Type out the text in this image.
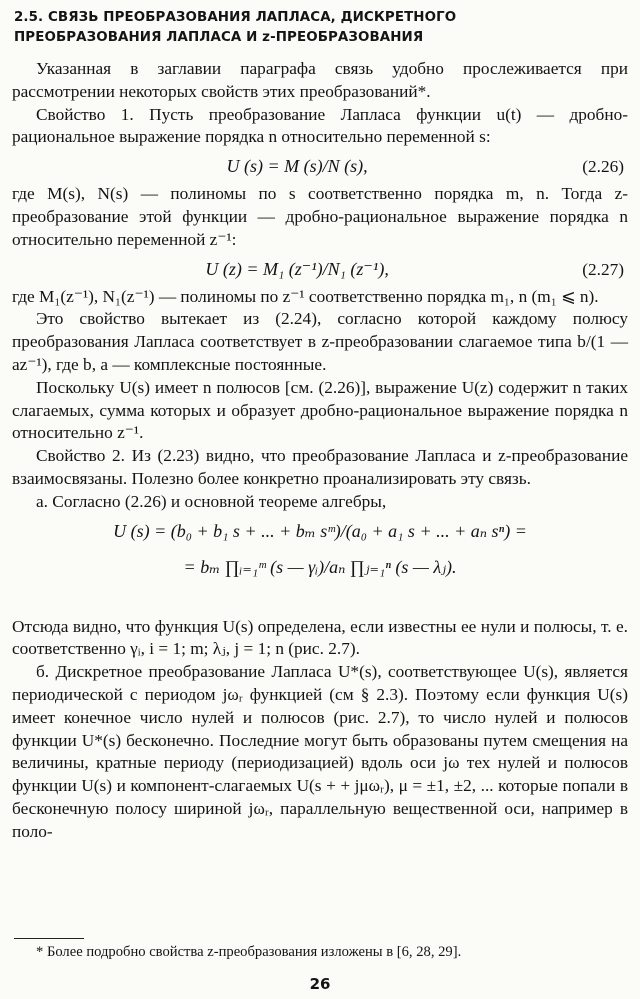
2.5. СВЯЗЬ ПРЕОБРАЗОВАНИЯ ЛАПЛАСА, ДИСКРЕТНОГО
ПРЕОБРАЗОВАНИЯ ЛАПЛАСА И z-ПРЕОБРАЗОВАНИЯ

Указанная в заглавии параграфа связь удобно прослеживается при рассмотрении некоторых свойств этих преобразований*.

Свойство 1. Пусть преобразование Лапласа функции u(t) — дробно-рациональное выражение порядка n относительно переменной s:

U (s) = M (s)/N (s),	(2.26)

где M(s), N(s) — полиномы по s соответственно порядка m, n. Тогда z-преобразование этой функции — дробно-рациональное выражение порядка n относительно переменной z⁻¹:

U (z) = M₁ (z⁻¹)/N₁ (z⁻¹),	(2.27)

где M₁(z⁻¹), N₁(z⁻¹) — полиномы по z⁻¹ соответственно порядка m₁, n (m₁ ⩽ n).

Это свойство вытекает из (2.24), согласно которой каждому полюсу преобразования Лапласа соответствует в z-преобразовании слагаемое типа b/(1 — az⁻¹), где b, a — комплексные постоянные.

Поскольку U(s) имеет n полюсов [см. (2.26)], выражение U(z) содержит n таких слагаемых, сумма которых и образует дробно-рациональное выражение порядка n относительно z⁻¹.

Свойство 2. Из (2.23) видно, что преобразование Лапласа и z-преобразование взаимосвязаны. Полезно более конкретно проанализировать эту связь.

а. Согласно (2.26) и основной теореме алгебры,

U (s) = (b₀ + b₁ s + ... + bₘ sᵐ)/(a₀ + a₁ s + ... + aₙ sⁿ) =
= bₘ ∏ᵢ₌₁ᵐ (s — γᵢ)/aₙ ∏ⱼ₌₁ⁿ (s — λⱼ).

Отсюда видно, что функция U(s) определена, если известны ее нули и полюсы, т. е. соответственно γᵢ, i = 1; m; λⱼ, j = 1; n (рис. 2.7).

б. Дискретное преобразование Лапласа U*(s), соответствующее U(s), является периодической с периодом jωᵣ функцией (см § 2.3). Поэтому если функция U(s) имеет конечное число нулей и полюсов (рис. 2.7), то число нулей и полюсов функции U*(s) бесконечно. Последние могут быть образованы путем смещения на величины, кратные периоду (периодизацией) вдоль оси jω тех нулей и полюсов функции U(s) и компонент-слагаемых U(s + + jμωᵣ), μ = ±1, ±2, ... которые попали в бесконечную полосу шириной jωᵣ, параллельную вещественной оси, например в поло-

* Более подробно свойства z-преобразования изложены в [6, 28, 29].
26
